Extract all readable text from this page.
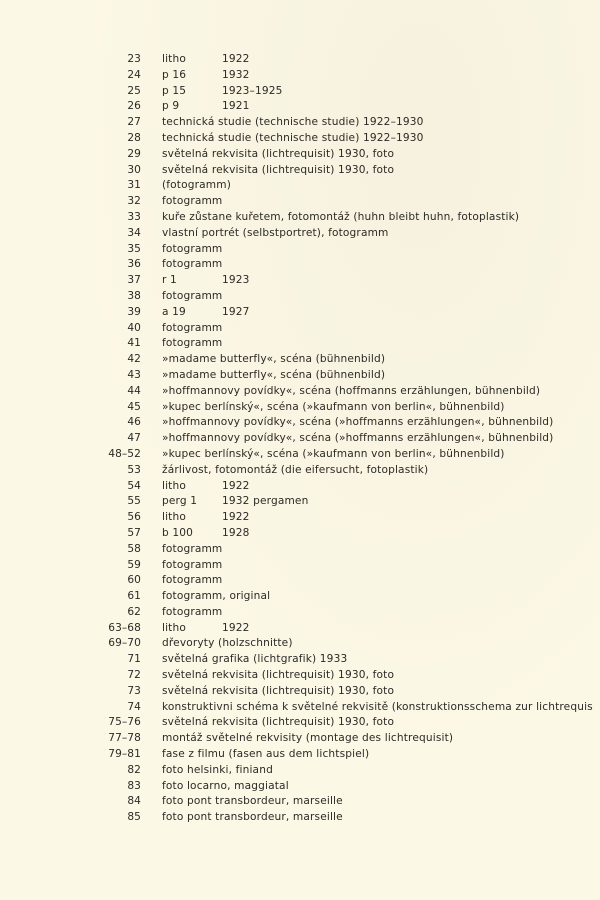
23 litho	1922
24 p 16	1932
25 p 15	1923–1925
26 p 9	1921
27 technická studie (technische studie) 1922–1930
28 technická studie (technische studie) 1922–1930
29 světelná rekvisita (lichtrequisit) 1930, foto
30 světelná rekvisita (lichtrequisit) 1930, foto
31 (fotogramm)
32 fotogramm
33 kuře zůstane kuřetem, fotomontáž (huhn bleibt huhn, fotoplastik)
34 vlastní portrét (selbstportret), fotogramm
35 fotogramm
36 fotogramm
37 r 1	1923
38 fotogramm
39 a 19	1927
40 fotogramm
41 fotogramm
42 »madame butterfly«, scéna (bühnenbild)
43 »madame butterfly«, scéna (bühnenbild)
44 »hoffmannovy povídky«, scéna (hoffmanns erzählungen, bühnenbild)
45 »kupec berlínský«, scéna (»kaufmann von berlin«, bühnenbild)
46 »hoffmannovy povídky«, scéna (»hoffmanns erzählungen«, bühnenbild)
47 »hoffmannovy povídky«, scéna (»hoffmanns erzählungen«, bühnenbild)
48–52 »kupec berlínský«, scéna (»kaufmann von berlin«, bühnenbild)
53 žárlivost, fotomontáž (die eifersucht, fotoplastik)
54 litho	1922
55 perg 1 1932 pergamen
56 litho	1922
57 b 100	1928
58 fotogramm
59 fotogramm
60 fotogramm
61 fotogramm, original
62 fotogramm
63–68 litho	1922
69–70 dřevoryty (holzschnitte)
71 světelná grafika (lichtgrafik) 1933
72 světelná rekvisita (lichtrequisit) 1930, foto
73 světelná rekvisita (lichtrequisit) 1930, foto
74 konstruktivni schéma k světelné rekvisitě (konstruktionsschema zur lichtrequis
75–76 světelná rekvisita (lichtrequisit) 1930, foto
77–78 montáž světelné rekvisity (montage des lichtrequisit)
79–81 fase z filmu (fasen aus dem lichtspiel)
82 foto helsinki, finiand
83 foto locarno, maggiatal
84 foto pont transbordeur, marseille
85 foto pont transbordeur, marseille
